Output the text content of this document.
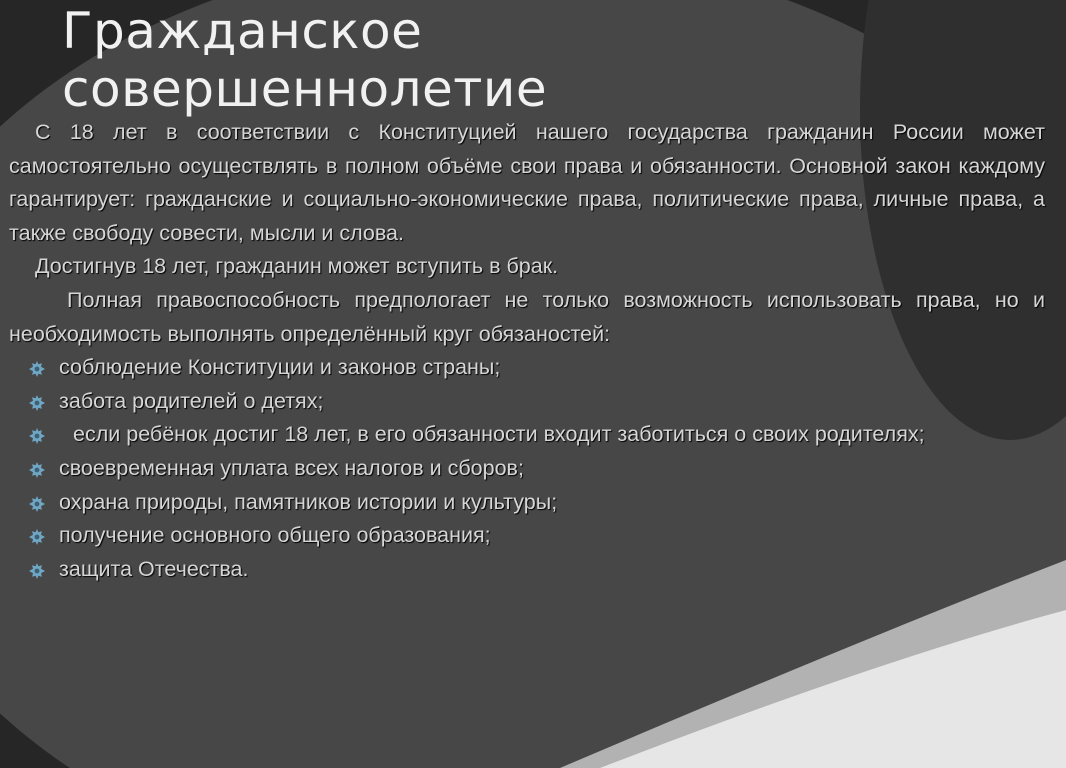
Гражданское
совершеннолетие

С 18 лет в соответствии с Конституцией нашего государства гражданин России может самостоятельно осуществлять в полном объёме свои права и обязанности. Основной закон каждому гарантирует: гражданские и социально-экономические права, политические права, личные права, а также свободу совести, мысли и слова.

Достигнув 18 лет, гражданин может вступить в брак.

Полная правоспособность предпологает не только возможность использовать права, но и необходимость выполнять определённый круг обязаностей:

соблюдение Конституции и законов страны;
забота родителей о детях;
если ребёнок достиг 18 лет, в его обязанности входит заботиться о своих родителях;
своевременная уплата всех налогов и сборов;
охрана природы, памятников истории и культуры;
получение основного общего образования;
защита Отечества.
